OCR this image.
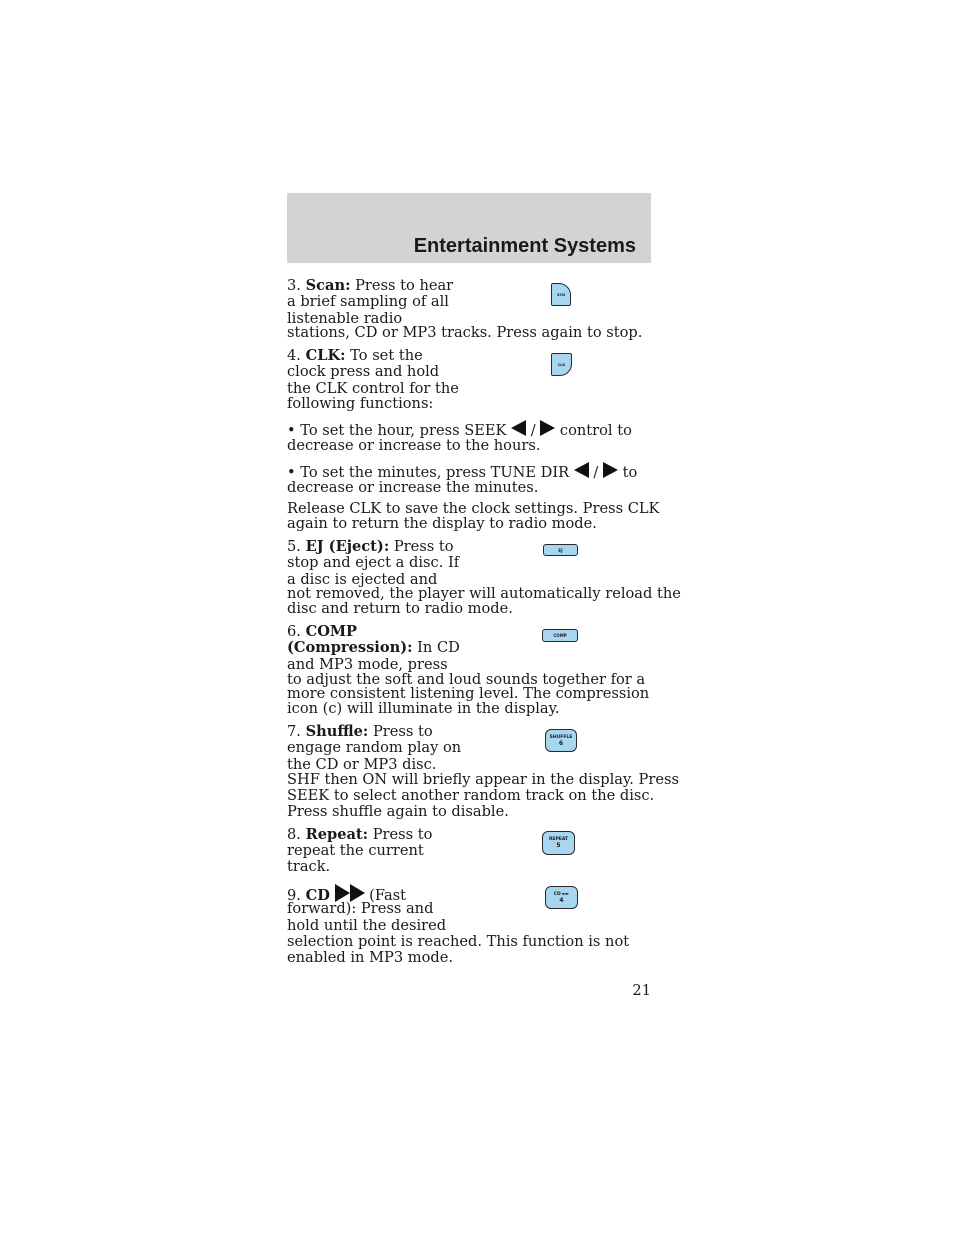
Entertainment Systems

3. Scan: Press to hear

a brief sampling of all

listenable radio

stations, CD or MP3 tracks. Press again to stop.

SCN

4. CLK: To set the

clock press and hold

the CLK control for the

following functions:

CLK

• To set the hour, press SEEK  /  control to

decrease or increase to the hours.

• To set the minutes, press TUNE DIR  /  to

decrease or increase the minutes.

Release CLK to save the clock settings. Press CLK

again to return the display to radio mode.

5. EJ (Eject): Press to

stop and eject a disc. If

a disc is ejected and

not removed, the player will automatically reload the

disc and return to radio mode.

EJ

6. COMP

(Compression): In CD

and MP3 mode, press

to adjust the soft and loud sounds together for a

more consistent listening level. The compression

icon (c) will illuminate in the display.

COMP

7. Shuffle: Press to

engage random play on

the CD or MP3 disc.

SHF then ON will briefly appear in the display. Press

SEEK to select another random track on the disc.

Press shuffle again to disable.

SHUFFLE
6

8. Repeat: Press to

repeat the current

track.

REPEAT
5

9. CD	(Fast

forward): Press and

hold until the desired

selection point is reached. This function is not

enabled in MP3 mode.

CD ►►
4
21
